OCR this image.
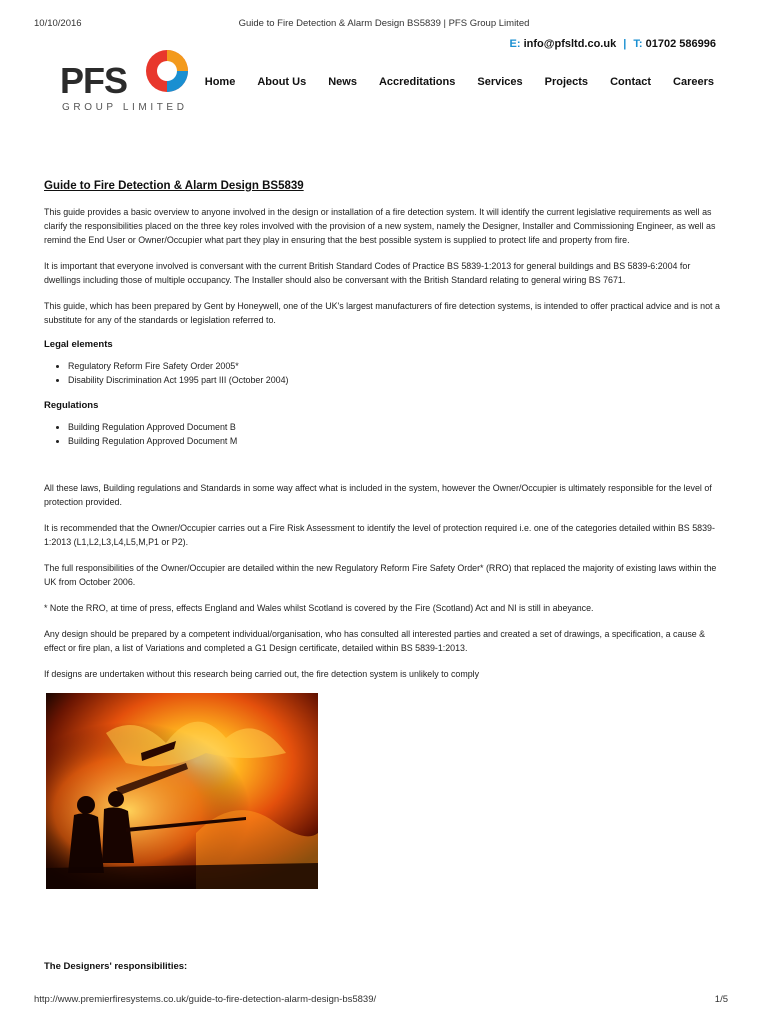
10/10/2016	Guide to Fire Detection & Alarm Design BS5839 | PFS Group Limited
E: info@pfsltd.co.uk | T: 01702 586996
PFS
GROUP LIMITED
Home About Us News Accreditations Services Projects Contact Careers
Guide to Fire Detection & Alarm Design BS5839

This guide provides a basic overview to anyone involved in the design or installation of a fire detection system. It will identify the current legislative requirements as well as clarify the responsibilities placed on the three key roles involved with the provision of a new system, namely the Designer, Installer and Commissioning Engineer, as well as remind the End User or Owner/Occupier what part they play in ensuring that the best possible system is supplied to protect life and property from fire.

It is important that everyone involved is conversant with the current British Standard Codes of Practice BS 5839-1:2013 for general buildings and BS 5839-6:2004 for dwellings including those of multiple occupancy. The Installer should also be conversant with the British Standard relating to general wiring BS 7671.

This guide, which has been prepared by Gent by Honeywell, one of the UK's largest manufacturers of fire detection systems, is intended to offer practical advice and is not a substitute for any of the standards or legislation referred to.

Legal elements
• Regulatory Reform Fire Safety Order 2005*
• Disability Discrimination Act 1995 part III (October 2004)
Regulations
• Building Regulation Approved Document B
• Building Regulation Approved Document M

All these laws, Building regulations and Standards in some way affect what is included in the system, however the Owner/Occupier is ultimately responsible for the level of protection provided.

It is recommended that the Owner/Occupier carries out a Fire Risk Assessment to identify the level of protection required i.e. one of the categories detailed within BS 5839-1:2013 (L1,L2,L3,L4,L5,M,P1 or P2).

The full responsibilities of the Owner/Occupier are detailed within the new Regulatory Reform Fire Safety Order* (RRO) that replaced the majority of existing laws within the UK from October 2006.

* Note the RRO, at time of press, effects England and Wales whilst Scotland is covered by the Fire (Scotland) Act and NI is still in abeyance.

Any design should be prepared by a competent individual/organisation, who has consulted all interested parties and created a set of drawings, a specification, a cause & effect or fire plan, a list of Variations and completed a G1 Design certificate, detailed within BS 5839-1:2013.

If designs are undertaken without this research being carried out, the fire detection system is unlikely to comply

The Designers' responsibilities:
http://www.premierfiresystems.co.uk/guide-to-fire-detection-alarm-design-bs5839/	1/5
